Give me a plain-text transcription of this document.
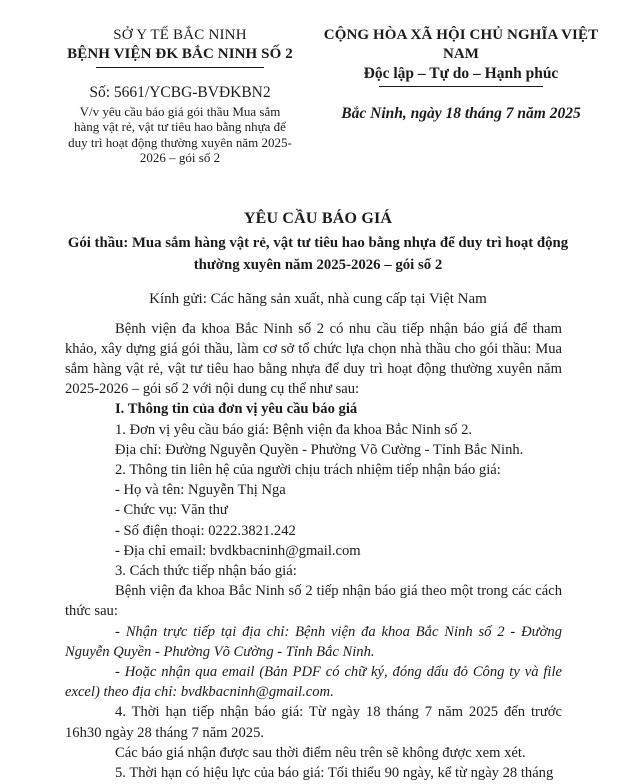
SỞ Y TẾ BẮC NINH
BỆNH VIỆN ĐK BẮC NINH SỐ 2
Số: 5661/YCBG-BVĐKBN2
V/v yêu cầu báo giá gói thầu Mua sắm hàng vật rẻ, vật tư tiêu hao bằng nhựa để duy trì hoạt động thường xuyên năm 2025-2026 – gói số 2
CỘNG HÒA XÃ HỘI CHỦ NGHĨA VIỆT NAM
Độc lập – Tự do – Hạnh phúc
Bắc Ninh, ngày 18 tháng 7 năm 2025
YÊU CẦU BÁO GIÁ
Gói thầu: Mua sắm hàng vật rẻ, vật tư tiêu hao bằng nhựa để duy trì hoạt động thường xuyên năm 2025-2026 – gói số 2
Kính gửi: Các hãng sản xuất, nhà cung cấp tại Việt Nam

Bệnh viện đa khoa Bắc Ninh số 2 có nhu cầu tiếp nhận báo giá để tham khảo, xây dựng giá gói thầu, làm cơ sở tổ chức lựa chọn nhà thầu cho gói thầu: Mua sắm hàng vật rẻ, vật tư tiêu hao bằng nhựa để duy trì hoạt động thường xuyên năm 2025-2026 – gói số 2 với nội dung cụ thể như sau:

I. Thông tin của đơn vị yêu cầu báo giá

1. Đơn vị yêu cầu báo giá: Bệnh viện đa khoa Bắc Ninh số 2.

Địa chỉ: Đường Nguyễn Quyền - Phường Võ Cường - Tỉnh Bắc Ninh.

2. Thông tin liên hệ của người chịu trách nhiệm tiếp nhận báo giá:

- Họ và tên: Nguyễn Thị Nga

- Chức vụ: Văn thư

- Số điện thoại: 0222.3821.242

- Địa chỉ email: bvdkbacninh@gmail.com

3. Cách thức tiếp nhận báo giá:

Bệnh viện đa khoa Bắc Ninh số 2 tiếp nhận báo giá theo một trong các cách thức sau:

- Nhận trực tiếp tại địa chỉ: Bệnh viện đa khoa Bắc Ninh số 2 - Đường Nguyễn Quyền - Phường Võ Cường - Tỉnh Bắc Ninh.

- Hoặc nhận qua email (Bản PDF có chữ ký, đóng dấu đỏ Công ty và file excel) theo địa chỉ: bvdkbacninh@gmail.com.

4. Thời hạn tiếp nhận báo giá: Từ ngày 18 tháng 7 năm 2025 đến trước 16h30 ngày 28 tháng 7 năm 2025.

Các báo giá nhận được sau thời điểm nêu trên sẽ không được xem xét.

5. Thời hạn có hiệu lực của báo giá: Tối thiểu 90 ngày, kể từ ngày 28 tháng
